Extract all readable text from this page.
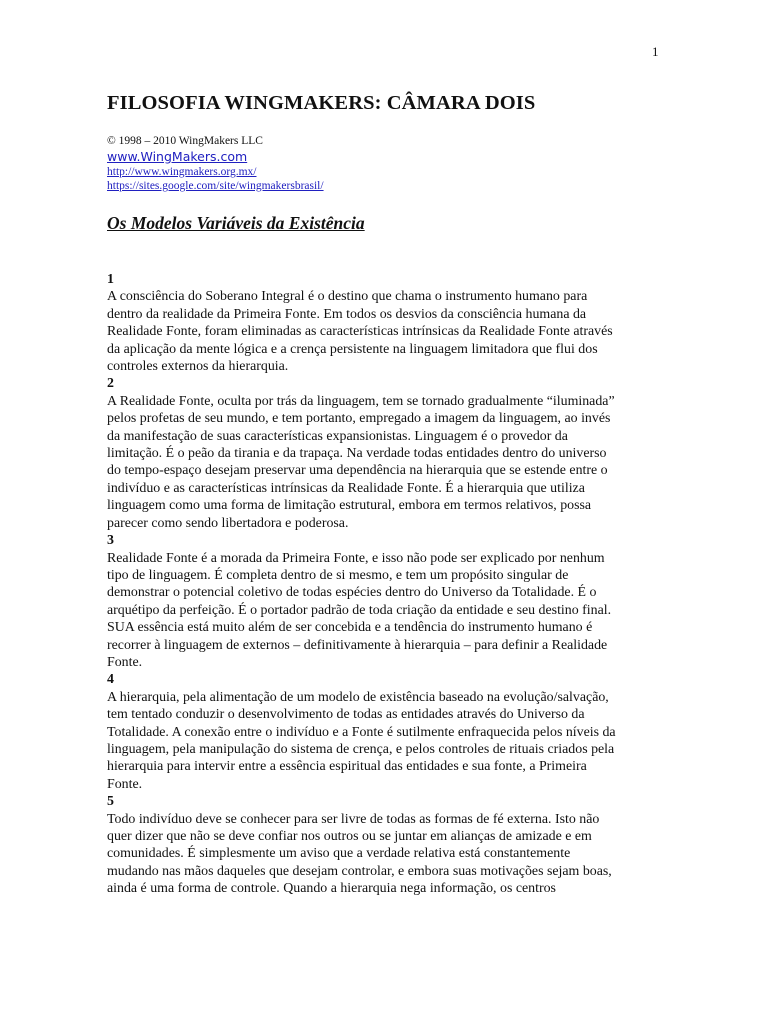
1
FILOSOFIA WINGMAKERS: CÂMARA DOIS
© 1998 – 2010 WingMakers LLC
www.WingMakers.com
http://www.wingmakers.org.mx/
https://sites.google.com/site/wingmakersbrasil/
Os Modelos Variáveis da Existência
1
A consciência do Soberano Integral é o destino que chama o instrumento humano para
dentro da realidade da Primeira Fonte. Em todos os desvios da consciência humana da
Realidade Fonte, foram eliminadas as características intrínsicas da Realidade Fonte através
da aplicação da mente lógica e a crença persistente na linguagem limitadora que flui dos
controles externos da hierarquia.
2
A Realidade Fonte, oculta por trás da linguagem, tem se tornado gradualmente “iluminada”
pelos profetas de seu mundo, e tem portanto, empregado a imagem da linguagem, ao invés
da manifestação de suas características expansionistas. Linguagem é o provedor da
limitação. É o peão da tirania e da trapaça. Na verdade todas entidades dentro do universo
do tempo-espaço desejam preservar uma dependência na hierarquia que se estende entre o
indivíduo e as características intrínsicas da Realidade Fonte. É a hierarquia que utiliza
linguagem como uma forma de limitação estrutural, embora em termos relativos, possa
parecer como sendo libertadora e poderosa.
3
Realidade Fonte é a morada da Primeira Fonte, e isso não pode ser explicado por nenhum
tipo de linguagem. É completa dentro de si mesmo, e tem um propósito singular de
demonstrar o potencial coletivo de todas espécies dentro do Universo da Totalidade. É o
arquétipo da perfeição. É o portador padrão de toda criação da entidade e seu destino final.
SUA essência está muito além de ser concebida e a tendência do instrumento humano é
recorrer à linguagem de externos – definitivamente à hierarquia – para definir a Realidade
Fonte.
4
A hierarquia, pela alimentação de um modelo de existência baseado na evolução/salvação,
tem tentado conduzir o desenvolvimento de todas as entidades através do Universo da
Totalidade. A conexão entre o indivíduo e a Fonte é sutilmente enfraquecida pelos níveis da
linguagem, pela manipulação do sistema de crença, e pelos controles de rituais criados pela
hierarquia para intervir entre a essência espiritual das entidades e sua fonte, a Primeira
Fonte.
5
Todo indivíduo deve se conhecer para ser livre de todas as formas de fé externa. Isto não
quer dizer que não se deve confiar nos outros ou se juntar em alianças de amizade e em
comunidades. É simplesmente um aviso que a verdade relativa está constantemente
mudando nas mãos daqueles que desejam controlar, e embora suas motivações sejam boas,
ainda é uma forma de controle. Quando a hierarquia nega informação, os centros
